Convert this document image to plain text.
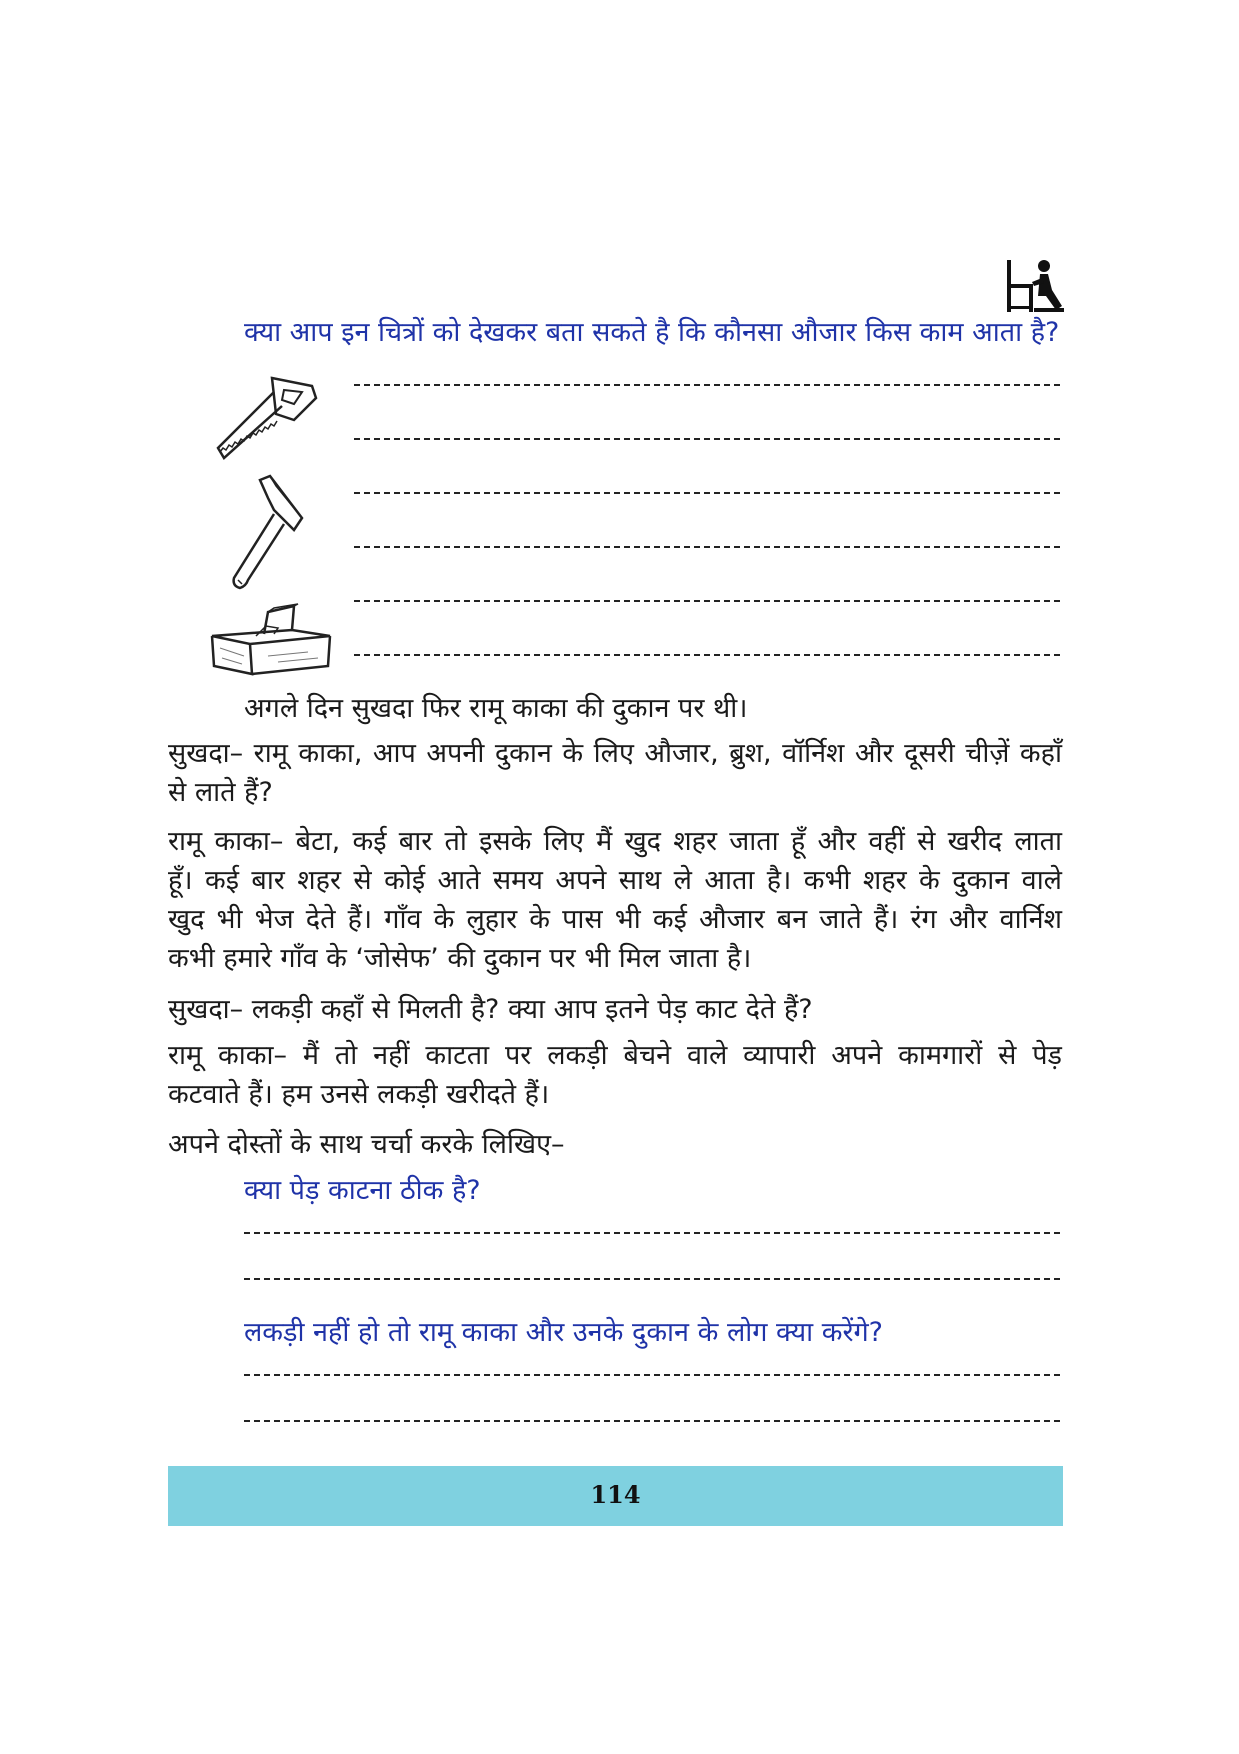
क्या आप इन चित्रों को देखकर बता सकते है कि कौनसा औजार किस काम आता है?
अगले दिन सुखदा फिर रामू काका की दुकान पर थी।
सुखदा– रामू काका, आप अपनी दुकान के लिए औजार, ब्रुश, वॉर्निश और दूसरी चीज़ें कहाँ
से लाते हैं?
रामू काका– बेटा, कई बार तो इसके लिए मैं खुद शहर जाता हूँ और वहीं से खरीद लाता
हूँ। कई बार शहर से कोई आते समय अपने साथ ले आता है। कभी शहर के दुकान वाले
खुद भी भेज देते हैं। गाँव के लुहार के पास भी कई औजार बन जाते हैं। रंग और वार्निश
कभी हमारे गाँव के ‘जोसेफ’ की दुकान पर भी मिल जाता है।
सुखदा– लकड़ी कहाँ से मिलती है? क्या आप इतने पेड़ काट देते हैं?
रामू काका– मैं तो नहीं काटता पर लकड़ी बेचने वाले व्यापारी अपने कामगारों से पेड़
कटवाते हैं। हम उनसे लकड़ी खरीदते हैं।
अपने दोस्तों के साथ चर्चा करके लिखिए–
क्या पेड़ काटना ठीक है?
लकड़ी नहीं हो तो रामू काका और उनके दुकान के लोग क्या करेंगे?
114
